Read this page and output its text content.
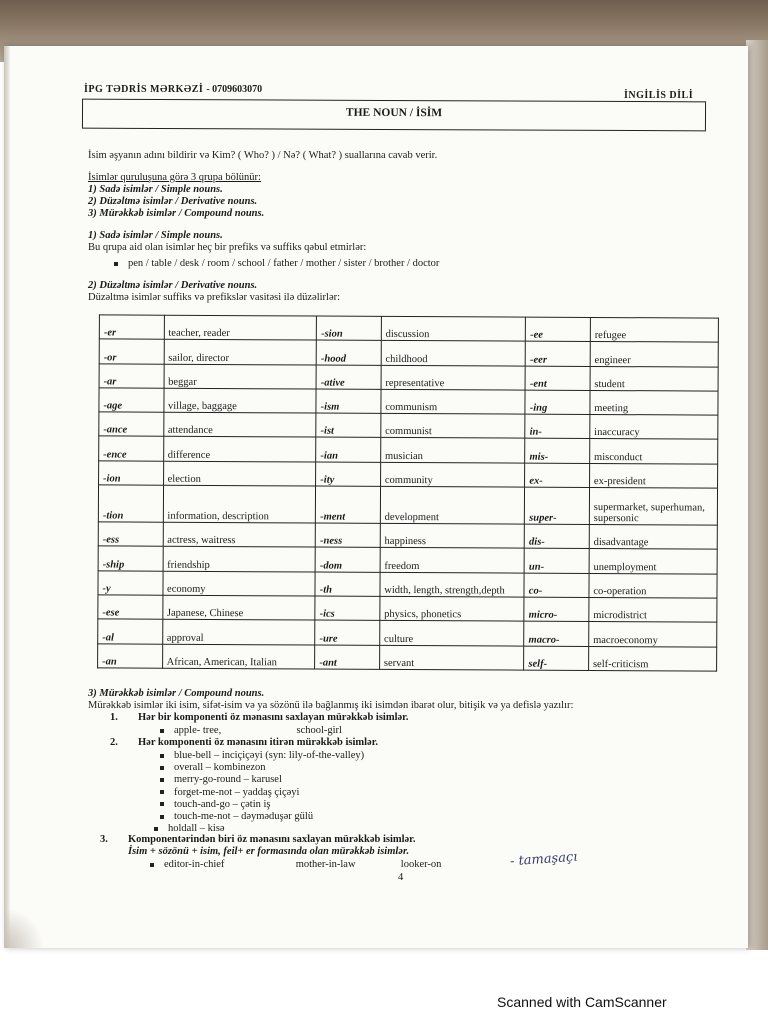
İPG TƏDRİS MƏRKƏZİ - 0709603070
İNGİLİS DİLİ
THE NOUN / İSİM
İsim əşyanın adını bildirir və Kim? ( Who? ) / Nə? ( What? ) suallarına cavab verir.
İsimlər quruluşuna görə 3 qrupa bölünür:
1) Sadə isimlər / Simple nouns.
2) Düzəltmə isimlər / Derivative nouns.
3) Mürəkkəb isimlər / Compound nouns.
1) Sadə isimlər / Simple nouns.
Bu qrupa aid olan isimlər heç bir prefiks və suffiks qəbul etmirlər:
pen / table / desk / room / school / father / mother / sister / brother / doctor
2) Düzəltmə isimlər / Derivative nouns.
Düzəltmə isimlər suffiks və prefikslər vasitəsi ilə düzəlirlər:
-er	teacher, reader	-sion	discussion	-ee	refugee
-or	sailor, director	-hood	childhood	-eer	engineer
-ar	beggar	-ative	representative	-ent	student
-age	village, baggage	-ism	communism	-ing	meeting
-ance	attendance	-ist	communist	in-	inaccuracy
-ence	difference	-ian	musician	mis-	misconduct
-ion	election	-ity	community	ex-	ex-president
-tion	information, description	-ment	development	super-	supermarket, superhuman, supersonic
-ess	actress, waitress	-ness	happiness	dis-	disadvantage
-ship	friendship	-dom	freedom	un-	unemployment
-y	economy	-th	width, length, strength,depth	co-	co-operation
-ese	Japanese, Chinese	-ics	physics, phonetics	micro-	microdistrict
-al	approval	-ure	culture	macro-	macroeconomy
-an	African, American, Italian	-ant	servant	self-	self-criticism
3) Mürəkkəb isimlər / Compound nouns.
Mürəkkəb isimlər iki isim, sifət-isim və ya sözönü ilə bağlanmış iki isimdən ibarət olur, bitişik və ya defislə yazılır:
1. Hər bir komponenti öz mənasını saxlayan mürəkkəb isimlər.
apple- tree,	school-girl
2. Hər komponenti öz mənasını itirən mürəkkəb isimlər.
blue-bell – inciçiçəyi (syn: lily-of-the-valley)
overall – kombinezon
merry-go-round – karusel
forget-me-not – yaddaş çiçəyi
touch-and-go – çətin iş
touch-me-not – dəyməduşər gülü
holdall – kisə
3. Komponentərindən biri öz mənasını saxlayan mürəkkəb isimlər.
İsim + sözönü + isim, feil+ er formasında olan mürəkkəb isimlər.
editor-in-chief	mother-in-law	looker-on	- tamaşaçı
4
Scanned with CamScanner
